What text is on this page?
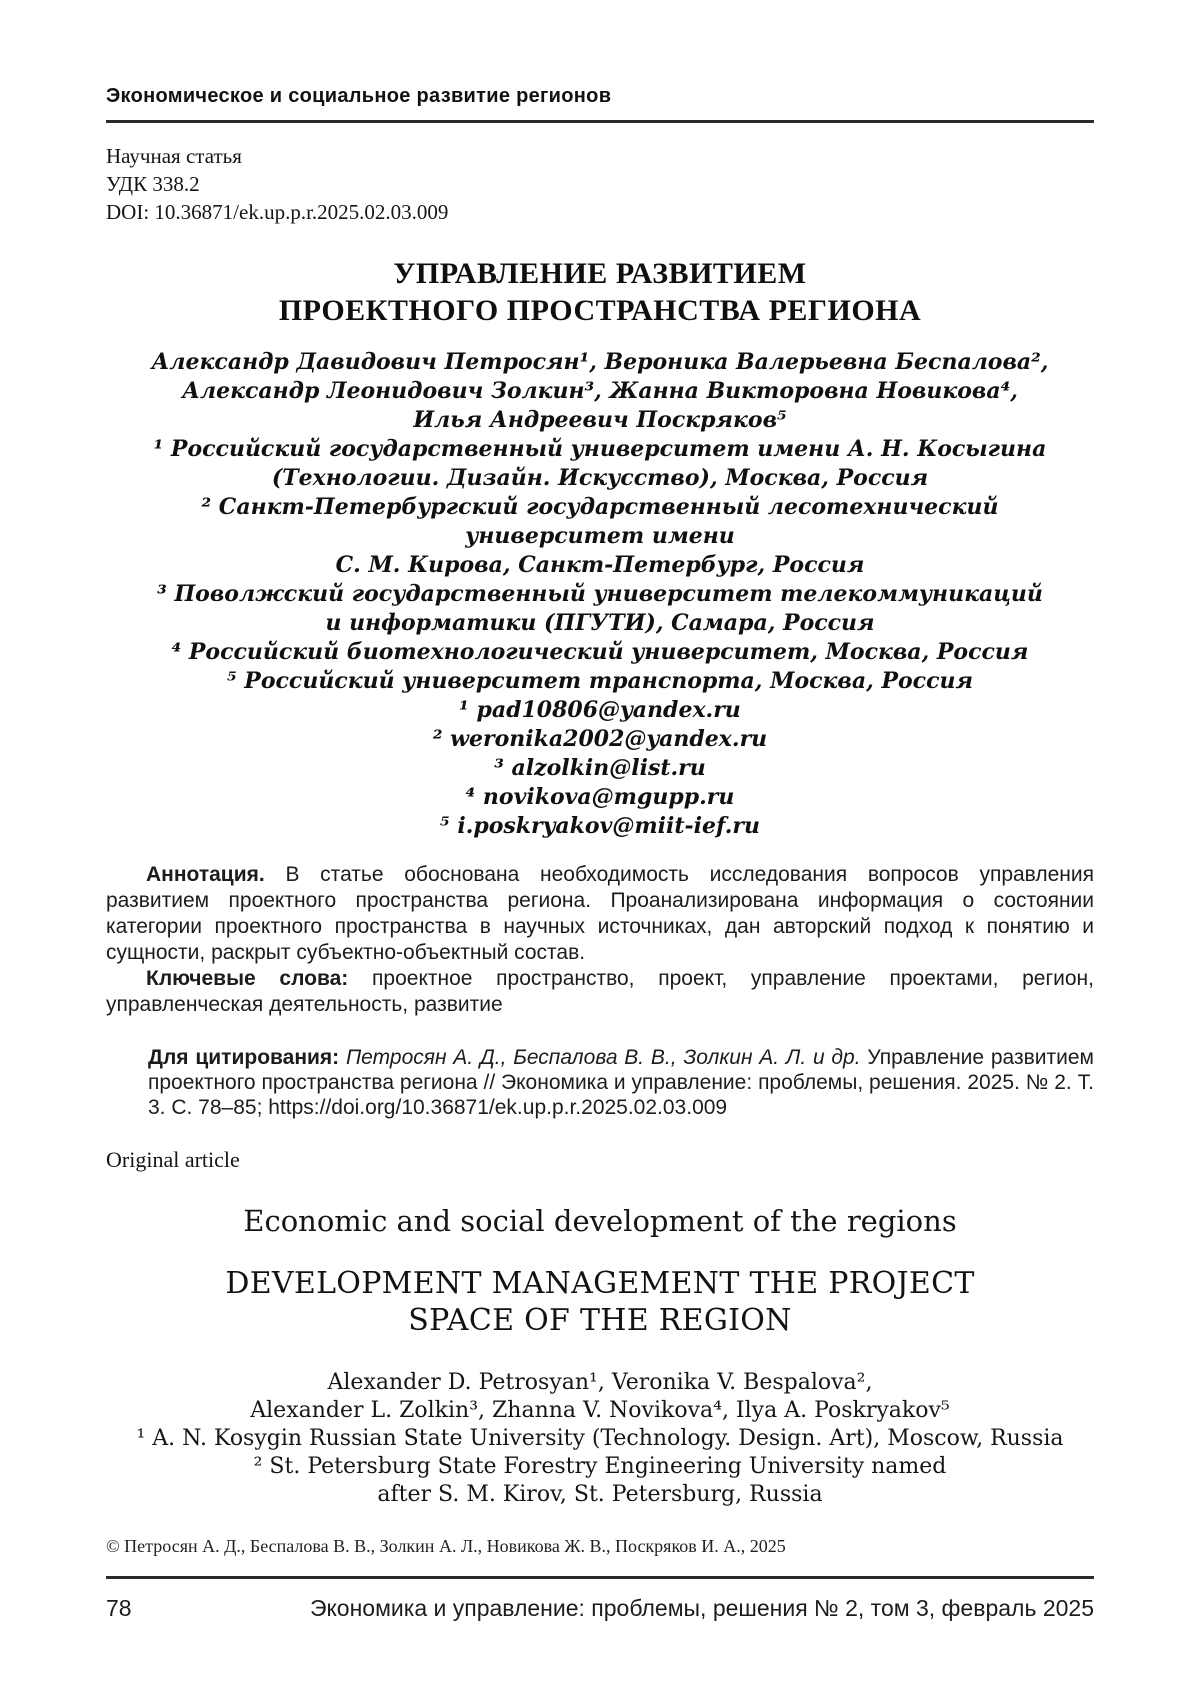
Экономическое и социальное развитие регионов
Научная статья
УДК 338.2
DOI: 10.36871/ek.up.p.r.2025.02.03.009
УПРАВЛЕНИЕ РАЗВИТИЕМ
ПРОЕКТНОГО ПРОСТРАНСТВА РЕГИОНА
Александр Давидович Петросян¹, Вероника Валерьевна Беспалова²,
Александр Леонидович Золкин³, Жанна Викторовна Новикова⁴,
Илья Андреевич Поскряков⁵
¹ Российский государственный университет имени А. Н. Косыгина
(Технологии. Дизайн. Искусство), Москва, Россия
² Санкт-Петербургский государственный лесотехнический
университет имени
С. М. Кирова, Санкт-Петербург, Россия
³ Поволжский государственный университет телекоммуникаций
и информатики (ПГУТИ), Самара, Россия
⁴ Российский биотехнологический университет, Москва, Россия
⁵ Российский университет транспорта, Москва, Россия
¹ pad10806@yandex.ru
² weronika2002@yandex.ru
³ alzolkin@list.ru
⁴ novikova@mgupp.ru
⁵ i.poskryakov@miit-ief.ru

Аннотация. В статье обоснована необходимость исследования вопросов управления развитием проектного пространства региона. Проанализирована информация о состоянии категории проектного пространства в научных источниках, дан авторский подход к понятию и сущности, раскрыт субъектно-объектный состав.

Ключевые слова: проектное пространство, проект, управление проектами, регион, управленческая деятельность, развитие

Для цитирования: Петросян А. Д., Беспалова В. В., Золкин А. Л. и др. Управление развитием проектного пространства региона // Экономика и управление: проблемы, решения. 2025. № 2. Т. 3. С. 78–85; https://doi.org/10.36871/ek.up.p.r.2025.02.03.009

Original article
Economic and social development of the regions
DEVELOPMENT MANAGEMENT THE PROJECT
SPACE OF THE REGION
Alexander D. Petrosyan¹, Veronika V. Bespalova²,
Alexander L. Zolkin³, Zhanna V. Novikova⁴, Ilya A. Poskryakov⁵
¹ A. N. Kosygin Russian State University (Technology. Design. Art), Moscow, Russia
² St. Petersburg State Forestry Engineering University named
after S. M. Kirov, St. Petersburg, Russia
© Петросян А. Д., Беспалова В. В., Золкин А. Л., Новикова Ж. В., Поскряков И. А., 2025
78	Экономика и управление: проблемы, решения № 2, том 3, февраль 2025
